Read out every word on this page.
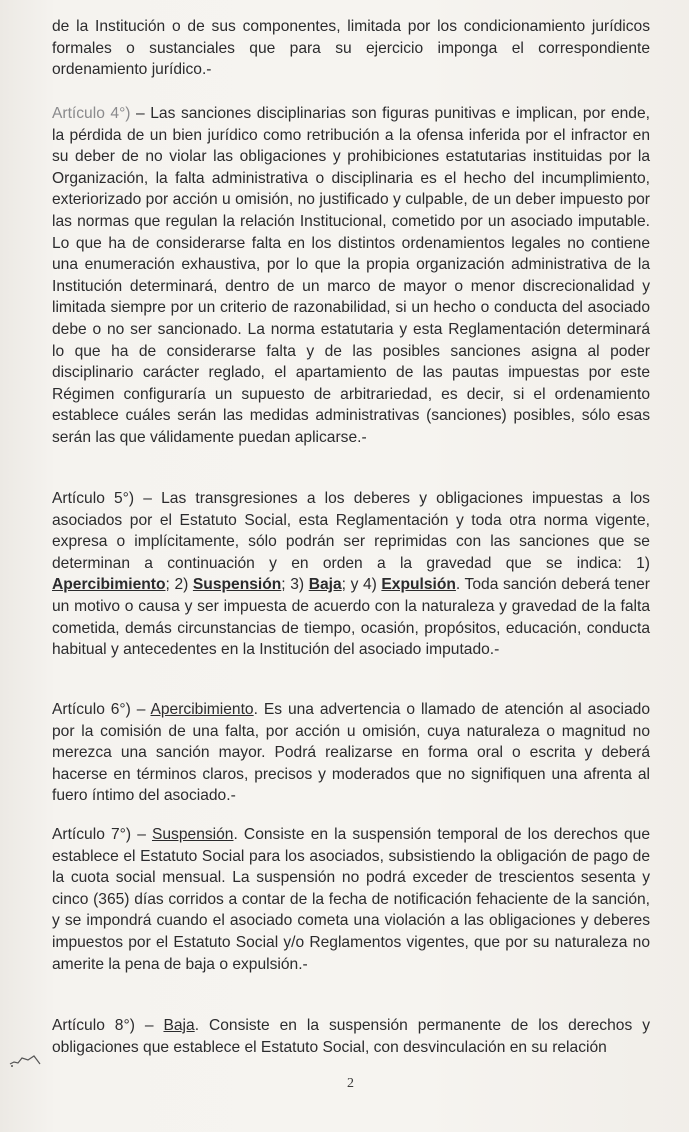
de la Institución o de sus componentes, limitada por los condicionamiento jurídicos formales o sustanciales que para su ejercicio imponga el correspondiente ordenamiento jurídico.-

Artículo 4°) – Las sanciones disciplinarias son figuras punitivas e implican, por ende, la pérdida de un bien jurídico como retribución a la ofensa inferida por el infractor en su deber de no violar las obligaciones y prohibiciones estatutarias instituidas por la Organización, la falta administrativa o disciplinaria es el hecho del incumplimiento, exteriorizado por acción u omisión, no justificado y culpable, de un deber impuesto por las normas que regulan la relación Institucional, cometido por un asociado imputable. Lo que ha de considerarse falta en los distintos ordenamientos legales no contiene una enumeración exhaustiva, por lo que la propia organización administrativa de la Institución determinará, dentro de un marco de mayor o menor discrecionalidad y limitada siempre por un criterio de razonabilidad, si un hecho o conducta del asociado debe o no ser sancionado. La norma estatutaria y esta Reglamentación determinará lo que ha de considerarse falta y de las posibles sanciones asigna al poder disciplinario carácter reglado, el apartamiento de las pautas impuestas por este Régimen configuraría un supuesto de arbitrariedad, es decir, si el ordenamiento establece cuáles serán las medidas administrativas (sanciones) posibles, sólo esas serán las que válidamente puedan aplicarse.-

Artículo 5°) – Las transgresiones a los deberes y obligaciones impuestas a los asociados por el Estatuto Social, esta Reglamentación y toda otra norma vigente, expresa o implícitamente, sólo podrán ser reprimidas con las sanciones que se determinan a continuación y en orden a la gravedad que se indica: 1) Apercibimiento; 2) Suspensión; 3) Baja; y 4) Expulsión. Toda sanción deberá tener un motivo o causa y ser impuesta de acuerdo con la naturaleza y gravedad de la falta cometida, demás circunstancias de tiempo, ocasión, propósitos, educación, conducta habitual y antecedentes en la Institución del asociado imputado.-

Artículo 6°) – Apercibimiento. Es una advertencia o llamado de atención al asociado por la comisión de una falta, por acción u omisión, cuya naturaleza o magnitud no merezca una sanción mayor. Podrá realizarse en forma oral o escrita y deberá hacerse en términos claros, precisos y moderados que no signifiquen una afrenta al fuero íntimo del asociado.-

Artículo 7°) – Suspensión. Consiste en la suspensión temporal de los derechos que establece el Estatuto Social para los asociados, subsistiendo la obligación de pago de la cuota social mensual. La suspensión no podrá exceder de trescientos sesenta y cinco (365) días corridos a contar de la fecha de notificación fehaciente de la sanción, y se impondrá cuando el asociado cometa una violación a las obligaciones y deberes impuestos por el Estatuto Social y/o Reglamentos vigentes, que por su naturaleza no amerite la pena de baja o expulsión.-

Artículo 8°) – Baja. Consiste en la suspensión permanente de los derechos y obligaciones que establece el Estatuto Social, con desvinculación en su relación

2
